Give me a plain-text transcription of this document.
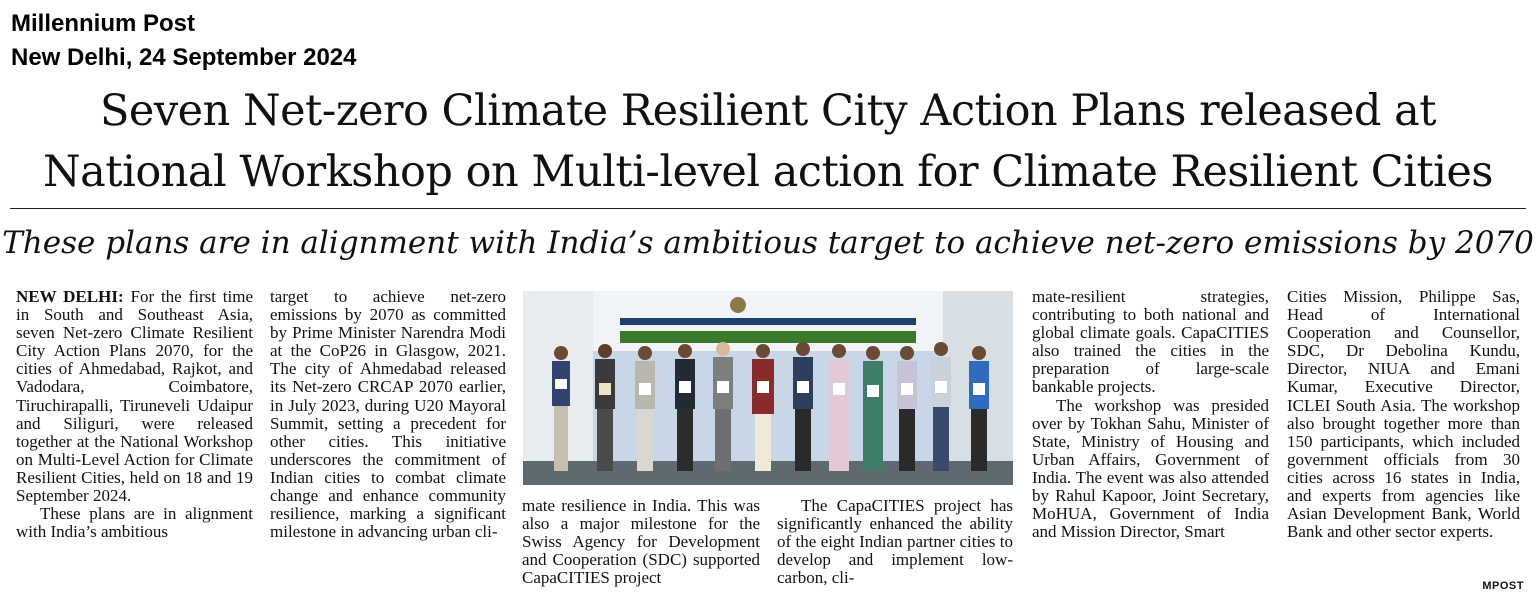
Millennium Post
New Delhi, 24 September 2024
Seven Net-zero Climate Resilient City Action Plans released at
National Workshop on Multi-level action for Climate Resilient Cities
These plans are in alignment with India’s ambitious target to achieve net-zero emissions by 2070

NEW DELHI: For the first time in South and Southeast Asia, seven Net-zero Climate Resilient City Action Plans 2070, for the cities of Ahmedabad, Rajkot, and Vadodara, Coimbatore, Tiruchirapalli, Tiruneveli Udaipur and Siliguri, were released together at the National Workshop on Multi-Level Action for Climate Resilient Cities, held on 18 and 19 September 2024.

These plans are in alignment with India’s ambitious

target to achieve net-zero emissions by 2070 as committed by Prime Minister Narendra Modi at the CoP26 in Glasgow, 2021. The city of Ahmedabad released its Net-zero CRCAP 2070 earlier, in July 2023, during U20 Mayoral Summit, setting a precedent for other cities. This initiative underscores the commitment of Indian cities to combat climate change and enhance community resilience, marking a significant milestone in advancing urban cli-

mate resilience in India. This was also a major milestone for the Swiss Agency for Development and Cooperation (SDC) supported CapaCITIES project

The CapaCITIES project has significantly enhanced the ability of the eight Indian partner cities to develop and implement low-carbon, cli-

mate-resilient strategies, contributing to both national and global climate goals. CapaCITIES also trained the cities in the preparation of large-scale bankable projects.

The workshop was presided over by Tokhan Sahu, Minister of State, Ministry of Housing and Urban Affairs, Government of India. The event was also attended by Rahul Kapoor, Joint Secretary, MoHUA, Government of India and Mission Director, Smart

Cities Mission, Philippe Sas, Head of International Cooperation and Counsellor, SDC, Dr Debolina Kundu, Director, NIUA and Emani Kumar, Executive Director, ICLEI South Asia. The workshop also brought together more than 150 participants, which included government officials from 30 cities across 16 states in India, and experts from agencies like Asian Development Bank, World Bank and other sector experts.

MPOST
